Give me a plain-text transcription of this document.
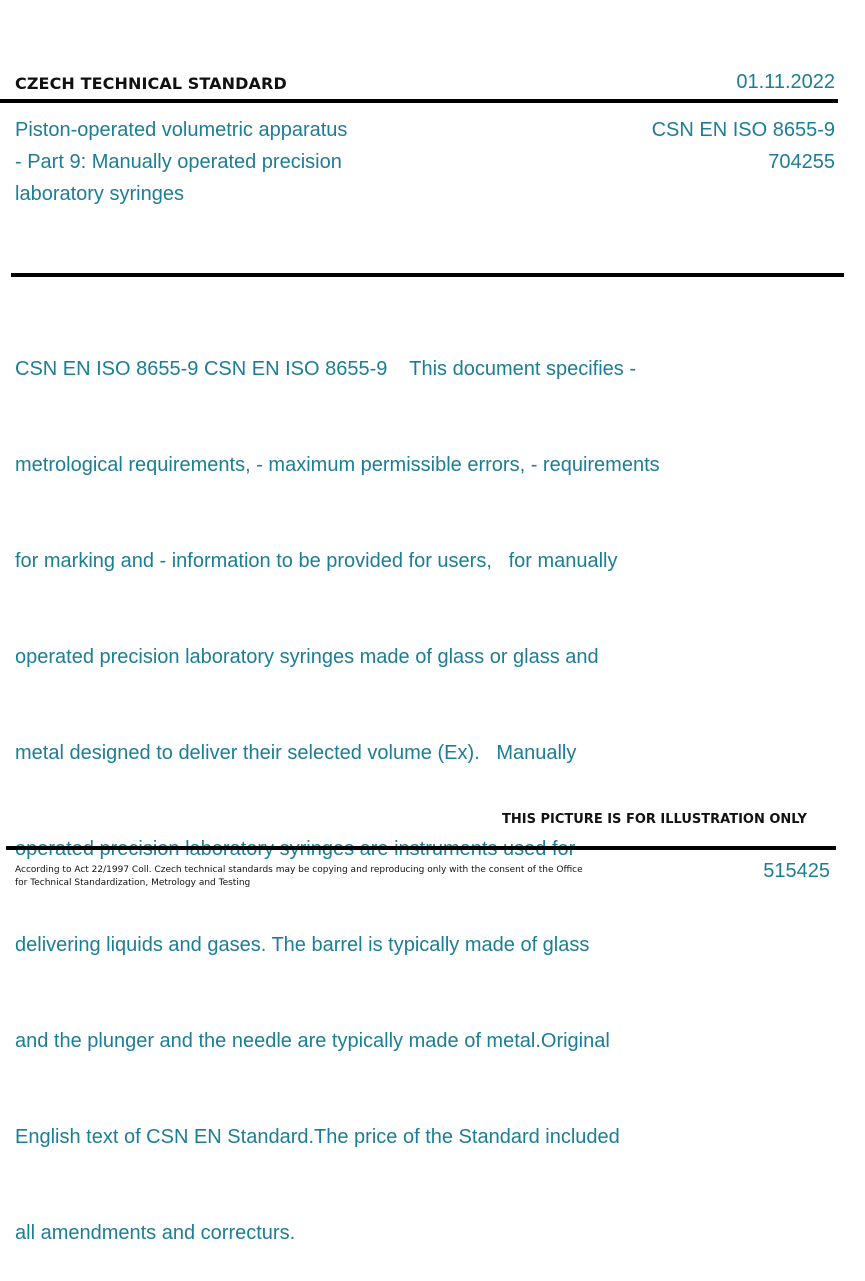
CZECH TECHNICAL STANDARD	01.11.2022
Piston-operated volumetric apparatus
- Part 9: Manually operated precision
laboratory syringes
CSN EN ISO 8655-9
704255

CSN EN ISO 8655-9 CSN EN ISO 8655-9    This document specifies -

metrological requirements, - maximum permissible errors, - requirements

for marking and - information to be provided for users,   for manually

operated precision laboratory syringes made of glass or glass and

metal designed to deliver their selected volume (Ex).   Manually

delivering liquids and gases. The barrel is typically made of glass

and the plunger and the needle are typically made of metal.Original

English text of CSN EN Standard.The price of the Standard included

all amendments and correcturs.

THIS PICTURE IS FOR ILLUSTRATION ONLY
According to Act 22/1997 Coll. Czech technical standards may be copying and reproducing only with the consent of the Office
for Technical Standardization, Metrology and Testing
515425
